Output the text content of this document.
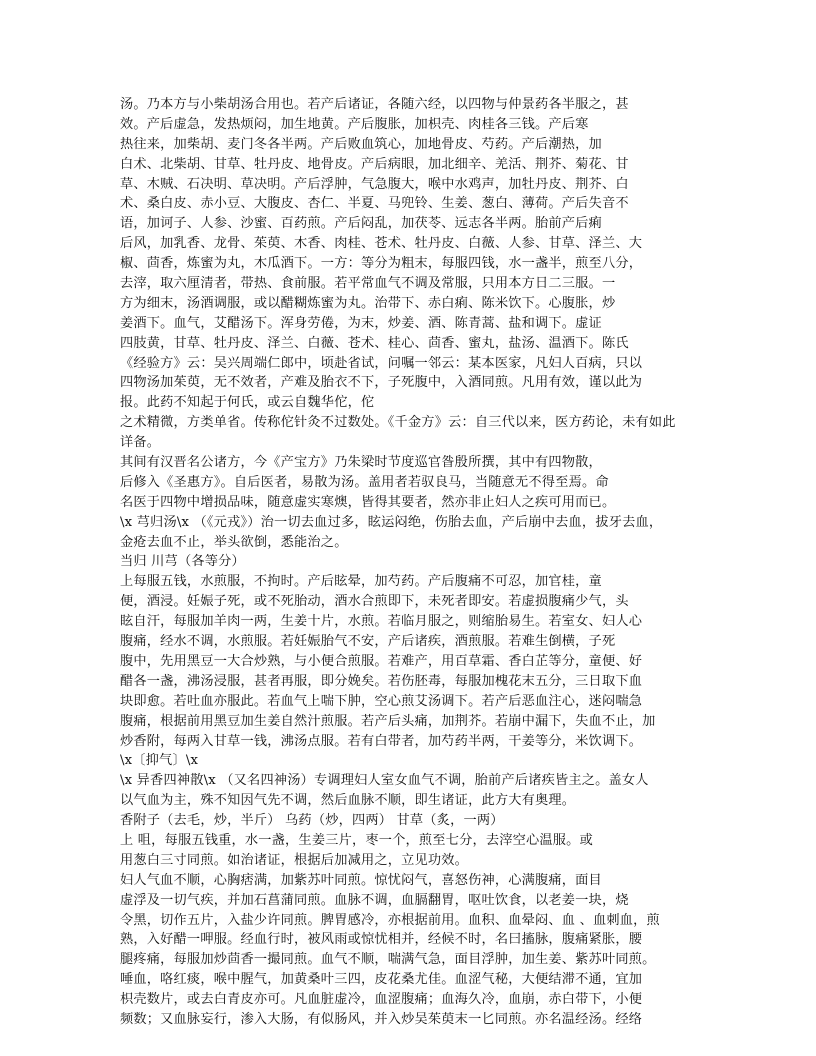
汤。乃本方与小柴胡汤合用也。若产后诸证，各随六经，以四物与仲景药各半服之，甚
效。产后虚急，发热烦闷，加生地黄。产后腹胀，加枳壳、肉桂各三钱。产后寒
热往来，加柴胡、麦门冬各半两。产后败血筑心，加地骨皮、芍药。产后潮热，加
白术、北柴胡、甘草、牡丹皮、地骨皮。产后病眼，加北细辛、羌活、荆芥、菊花、甘
草、木贼、石决明、草决明。产后浮肿，气急腹大，喉中水鸡声，加牡丹皮、荆芥、白
术、桑白皮、赤小豆、大腹皮、杏仁、半夏、马兜铃、生姜、葱白、薄荷。产后失音不
语，加诃子、人参、沙蜜、百药煎。产后闷乱，加茯苓、远志各半两。胎前产后痢
后风，加乳香、龙骨、茱萸、木香、肉桂、苍术、牡丹皮、白薇、人参、甘草、泽兰、大
椒、茴香，炼蜜为丸，木瓜酒下。一方：等分为粗末，每服四钱，水一盏半，煎至八分，
去滓，取六厘清者，带热、食前服。若平常血气不调及常服，只用本方日二三服。一
方为细末，汤酒调服，或以醋糊炼蜜为丸。治带下、赤白痢、陈米饮下。心腹胀，炒
姜酒下。血气，艾醋汤下。浑身劳倦，为末，炒姜、酒、陈青蒿、盐和调下。虚证
四肢黄，甘草、牡丹皮、泽兰、白薇、苍术、桂心、茴香、蜜丸，盐汤、温酒下。陈氏
《经验方》云：吴兴周端仁郎中，顷赴省试，问嘱一邻云：某本医家，凡妇人百病，只以
四物汤加茱萸，无不效者，产难及胎衣不下，子死腹中，入酒同煎。凡用有效，谨以此为
报。此药不知起于何氏，或云自魏华佗，佗
之术精微，方类单省。传称佗针灸不过数处。《千金方》云：自三代以来，医方药论，未有如此
详备。
其间有汉晋名公诸方，今《产宝方》乃朱梁时节度巡官昝殷所撰，其中有四物散，
后修入《圣惠方》。自后医者，易散为汤。盖用者若驭良马，当随意无不得至焉。命
名医于四物中增损品味，随意虚实寒燠，皆得其要者，然亦非止妇人之疾可用而已。
\x 芎归汤\x （《元戎》）治一切去血过多，眩运闷绝，伤胎去血，产后崩中去血，拔牙去血，
金疮去血不止，举头欲倒，悉能治之。
当归 川芎（各等分）
上每服五钱，水煎服，不拘时。产后眩晕，加芍药。产后腹痛不可忍，加官桂，童
便，酒浸。妊娠子死，或不死胎动，酒水合煎即下，未死者即安。若虚损腹痛少气，头
眩自汗，每服加羊肉一两，生姜十片，水煎。若临月服之，则缩胎易生。若室女、妇人心
腹痛，经水不调，水煎服。若妊娠胎气不安，产后诸疾，酒煎服。若难生倒横，子死
腹中，先用黑豆一大合炒熟，与小便合煎服。若难产，用百草霜、香白芷等分，童便、好
醋各一盏，沸汤浸服，甚者再服，即分娩矣。若伤胚毒，每服加槐花末五分，三日取下血
块即愈。若吐血亦服此。若血气上喘下肿，空心煎艾汤调下。若产后恶血注心，迷闷喘急
腹痛，根据前用黑豆加生姜自然汁煎服。若产后头痛，加荆芥。若崩中漏下，失血不止，加
炒香附，每两入甘草一钱，沸汤点服。若有白带者，加芍药半两，干姜等分，米饮调下。
\x〔抑气〕\x
\x 异香四神散\x （又名四神汤）专调理妇人室女血气不调，胎前产后诸疾皆主之。盖女人
以气血为主，殊不知因气先不调，然后血脉不顺，即生诸证，此方大有奥理。
香附子（去毛，炒，半斤） 乌药（炒，四两） 甘草（炙，一两）
上 咀，每服五钱重，水一盏，生姜三片，枣一个，煎至七分，去滓空心温服。或
用葱白三寸同煎。如治诸证，根据后加减用之，立见功效。
妇人气血不顺，心胸痞满，加紫苏叶同煎。惊忧闷气，喜怒伤神，心满腹痛，面目
虚浮及一切气疾，并加石菖蒲同煎。血脉不调，血膈翻胃，呕吐饮食，以老姜一块，烧
令黑，切作五片，入盐少许同煎。脾胃感冷，亦根据前用。血积、血晕闷、血 、血刺血，煎
熟，入好醋一呷服。经血行时，被风雨或惊忧相并，经候不时，名曰搐脉，腹痛紧胀，腰
腿疼痛，每服加炒茴香一撮同煎。血气不顺，喘满气急，面目浮肿，加生姜、紫苏叶同煎。
唾血，咯红痰，喉中腥气，加黄桑叶三四，皮花桑尤佳。血涩气秘，大便结滞不通，宜加
枳壳数片，或去白青皮亦可。凡血脏虚冷，血涩腹痛；血海久冷，血崩，赤白带下，小便
频数；又血脉妄行，渗入大肠，有似肠风，并入炒吴茱萸末一匕同煎。亦名温经汤。经络
